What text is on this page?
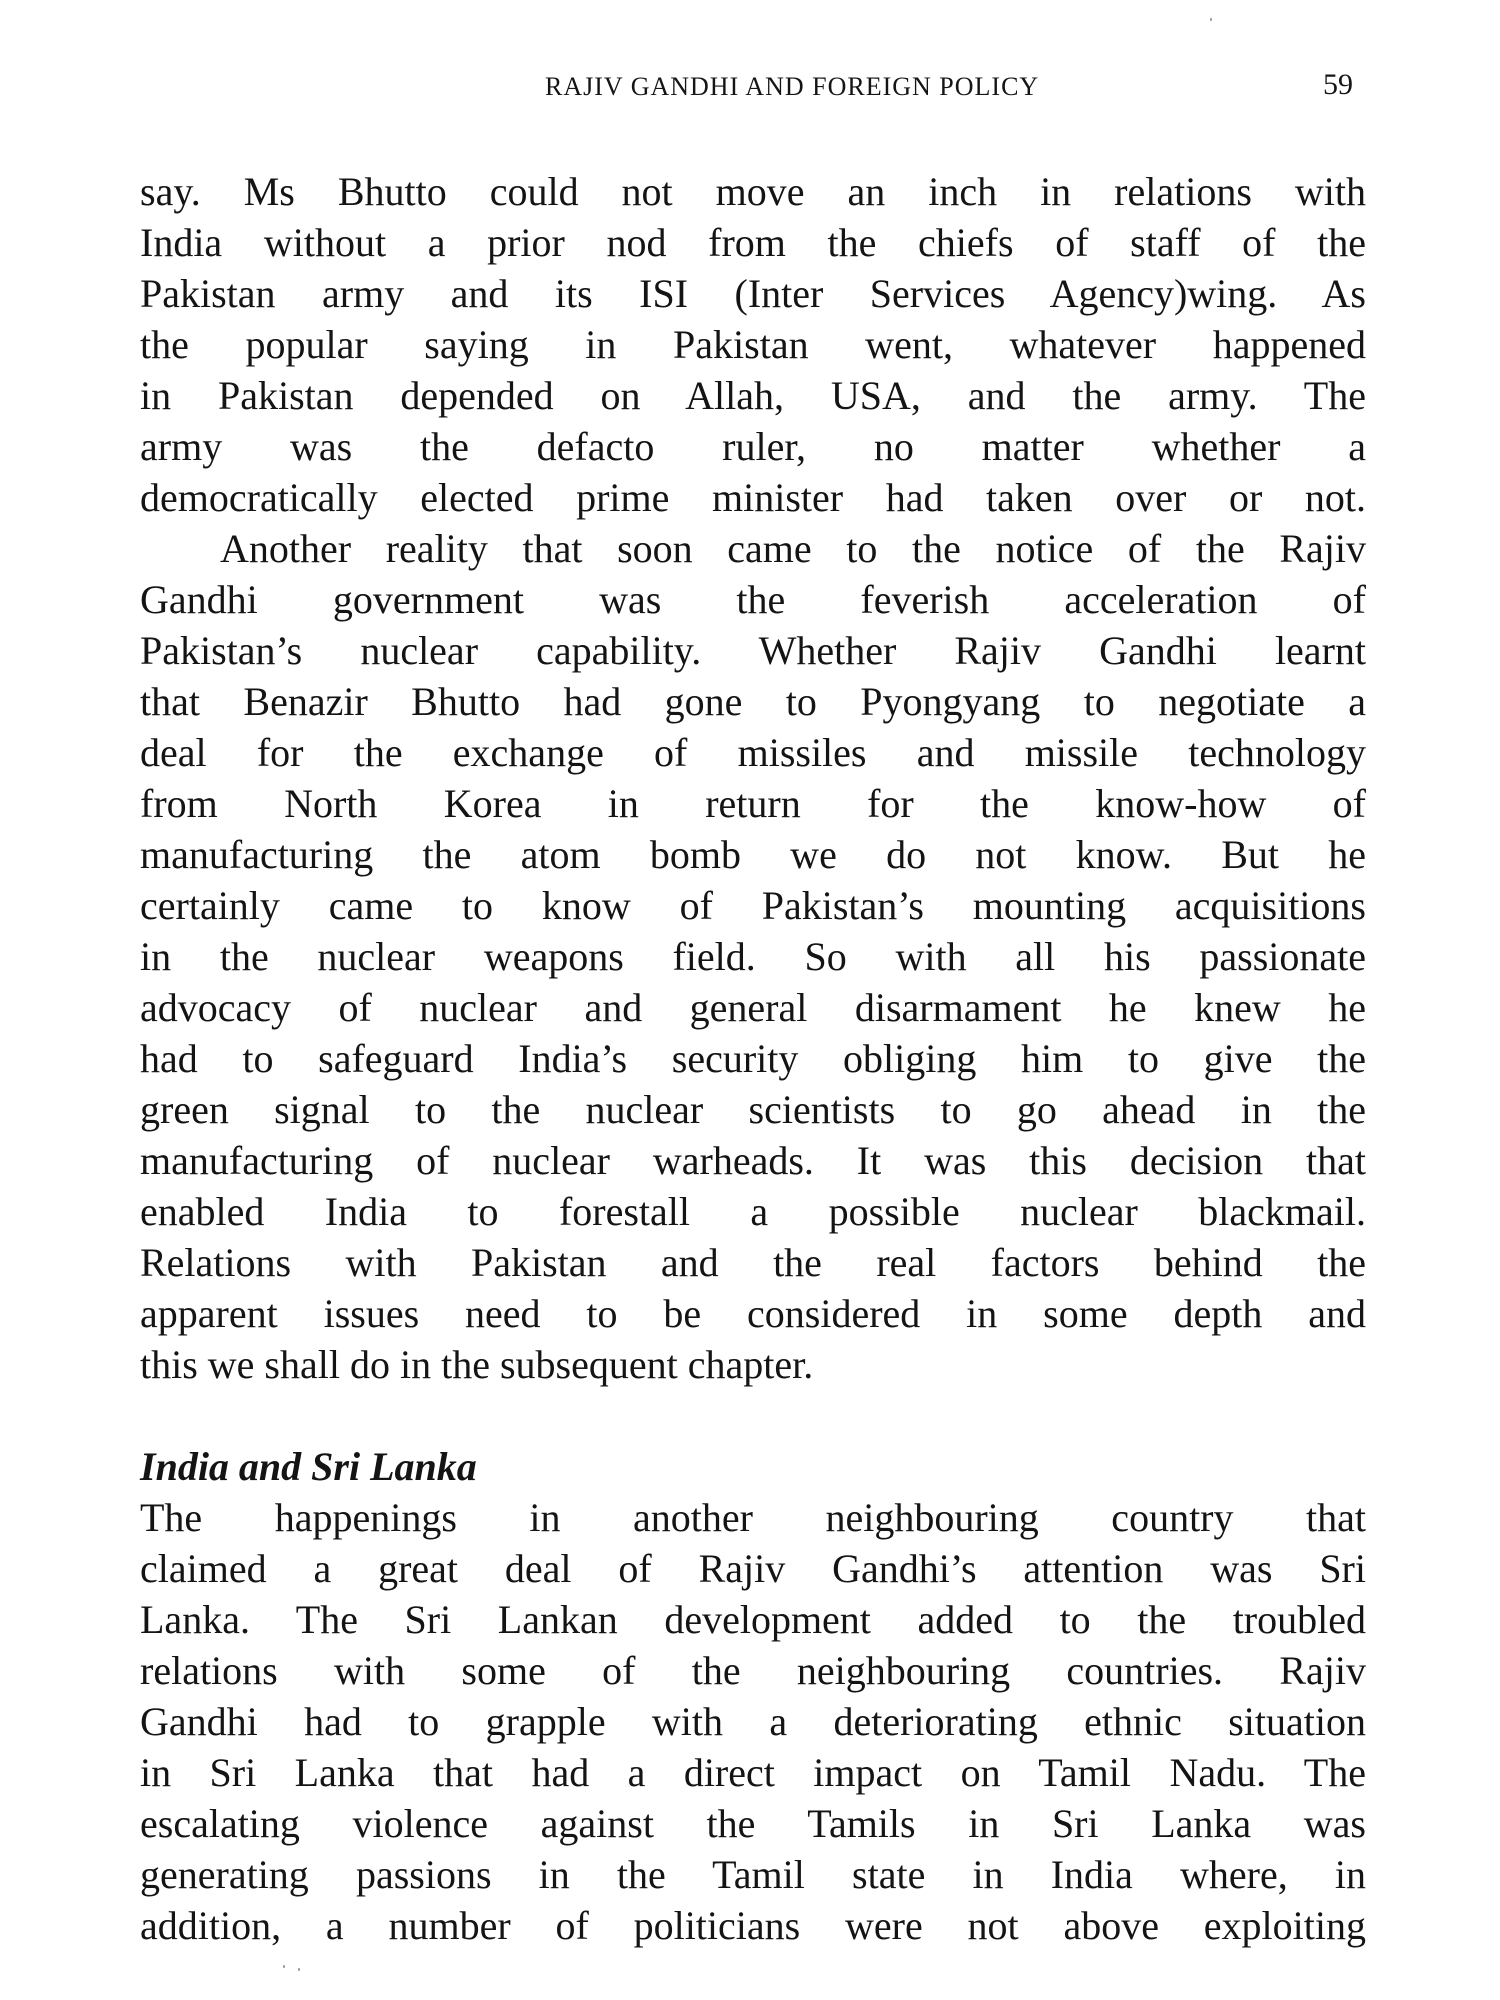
RAJIV GANDHI AND FOREIGN POLICY	59
say. Ms Bhutto could not move an inch in relations with
India without a prior nod from the chiefs of staff of the
Pakistan army and its ISI (Inter Services Agency)wing. As
the popular saying in Pakistan went, whatever happened
in Pakistan depended on Allah, USA, and the army. The
army was the defacto ruler, no matter whether a
democratically elected prime minister had taken over or not.
Another reality that soon came to the notice of the Rajiv
Gandhi government was the feverish acceleration of
Pakistan’s nuclear capability. Whether Rajiv Gandhi learnt
that Benazir Bhutto had gone to Pyongyang to negotiate a
deal for the exchange of missiles and missile technology
from North Korea in return for the know-how of
manufacturing the atom bomb we do not know. But he
certainly came to know of Pakistan’s mounting acquisitions
in the nuclear weapons field. So with all his passionate
advocacy of nuclear and general disarmament he knew he
had to safeguard India’s security obliging him to give the
green signal to the nuclear scientists to go ahead in the
manufacturing of nuclear warheads. It was this decision that
enabled India to forestall a possible nuclear blackmail.
Relations with Pakistan and the real factors behind the
apparent issues need to be considered in some depth and
this we shall do in the subsequent chapter.
India and Sri Lanka
The happenings in another neighbouring country that
claimed a great deal of Rajiv Gandhi’s attention was Sri
Lanka. The Sri Lankan development added to the troubled
relations with some of the neighbouring countries. Rajiv
Gandhi had to grapple with a deteriorating ethnic situation
in Sri Lanka that had a direct impact on Tamil Nadu. The
escalating violence against the Tamils in Sri Lanka was
generating passions in the Tamil state in India where, in
addition, a number of politicians were not above exploiting
